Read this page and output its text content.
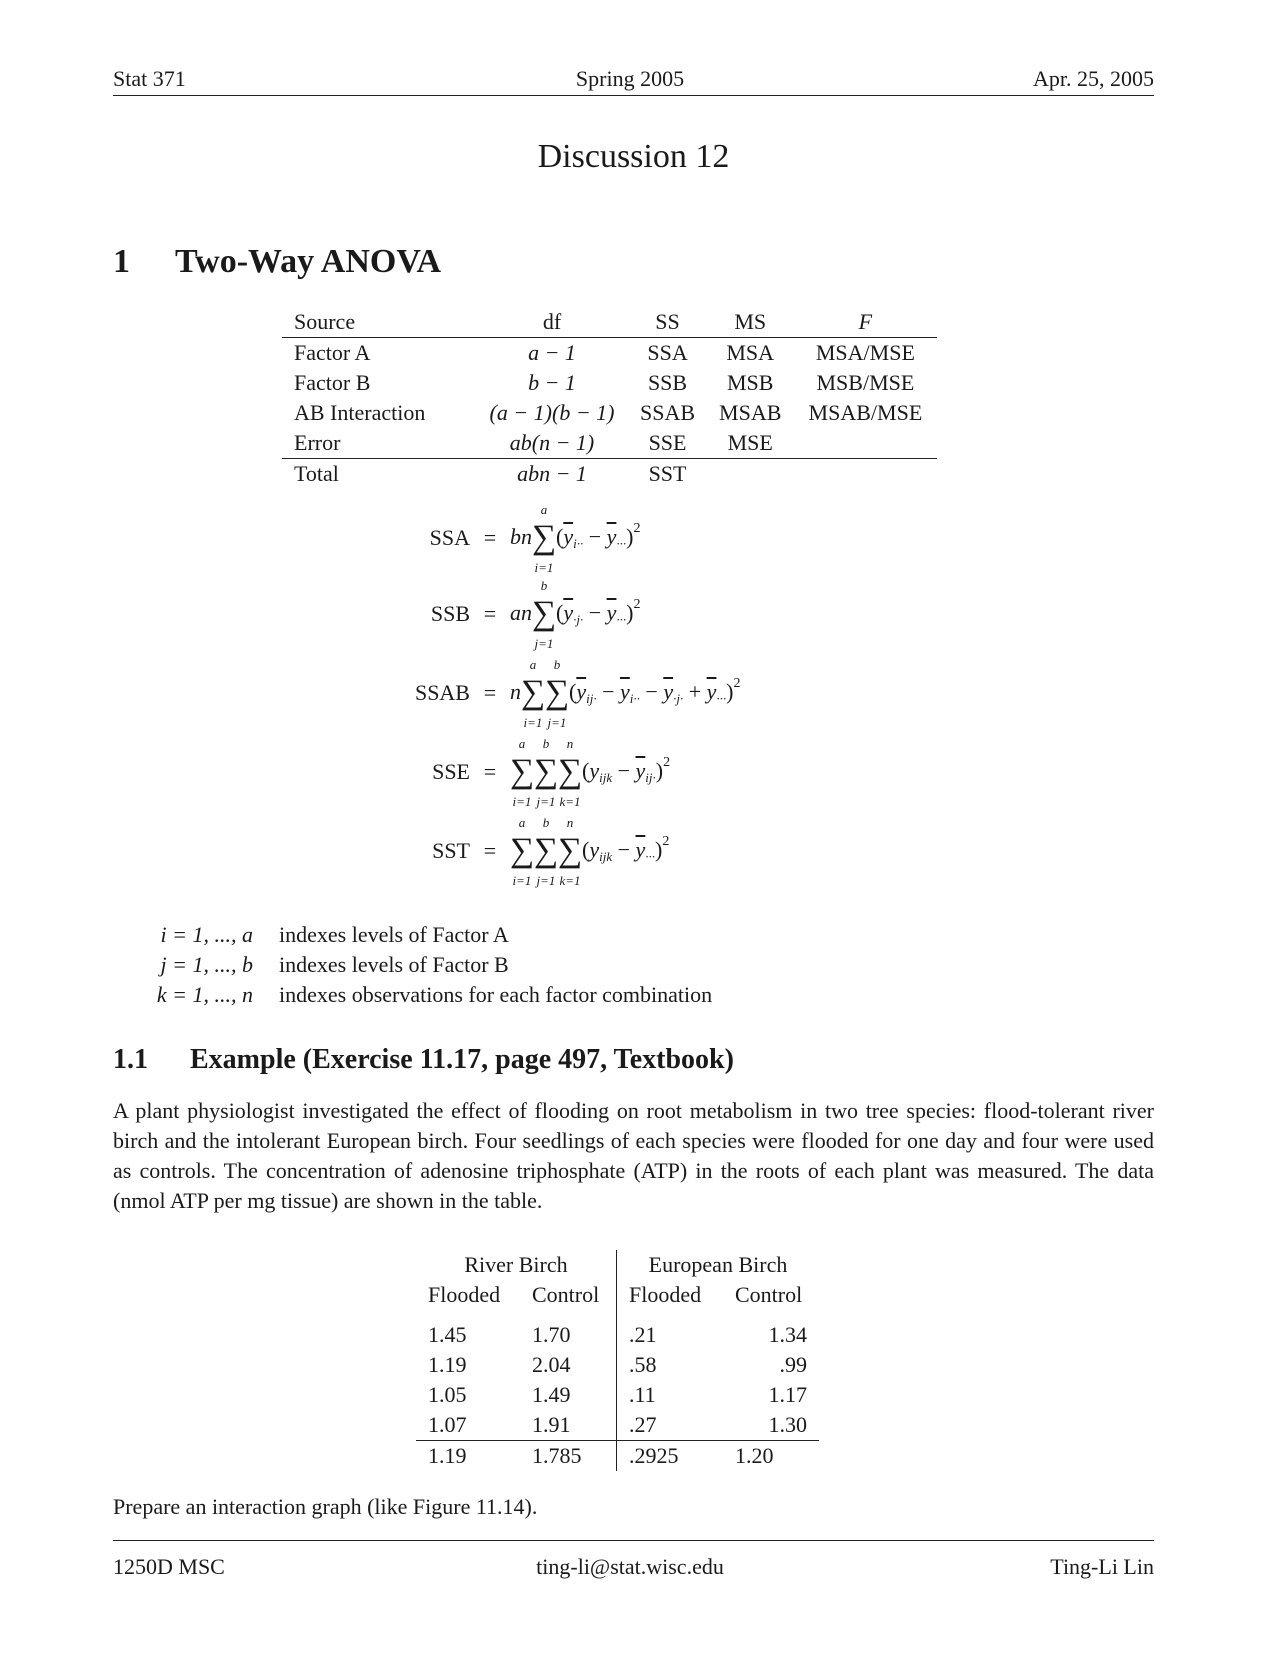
Stat 371	Spring 2005	Apr. 25, 2005
Discussion 12
1 Two-Way ANOVA
Source	df	SS	MS	F
Factor A	a − 1	SSA	MSA	MSA/MSE
Factor B	b − 1	SSB	MSB	MSB/MSE
AB Interaction	(a − 1)(b − 1)	SSAB	MSAB	MSAB/MSE
Error	ab(n − 1)	SSE	MSE	
Total	abn − 1	SST		
SSA = bn∑
a
i=1
$(\overline{y}_{i\cdot\cdot} - \overline{y}_{\cdot\cdot\cdot})^2$
SSB = an∑
b
j=1
$(\overline{y}_{\cdot j\cdot} - \overline{y}_{\cdot\cdot\cdot})^2$
SSAB = n∑
a
i=1
∑
b
j=1
$(\overline{y}_{ij\cdot} - \overline{y}_{i\cdot\cdot} - \overline{y}_{\cdot j\cdot} + \overline{y}_{\cdot\cdot\cdot})^2$
SSE = ∑
a
i=1
∑
b
j=1
∑
n
k=1
$(y_{ijk} - \overline{y}_{ij\cdot})^2$
SST = ∑
a
i=1
∑
b
j=1
∑
n
k=1
$(y_{ijk} - \overline{y}_{\cdot\cdot\cdot})^2$
i = 1, ..., a	indexes levels of Factor A
j = 1, ..., b	indexes levels of Factor B
k = 1, ..., n	indexes observations for each factor combination
1.1 Example (Exercise 11.17, page 497, Textbook)
A plant physiologist investigated the effect of flooding on root metabolism in two tree species: flood-tolerant river birch and the intolerant European birch. Four seedlings of each species were flooded for one day and four were used as controls. The concentration of adenosine triphosphate (ATP) in the roots of each plant was measured. The data (nmol ATP per mg tissue) are shown in the table.
River Birch		European Birch	
Flooded	Control	Flooded	Control

1.45	1.70	.21	1.34
1.19	2.04	.58	.99
1.05	1.49	.11	1.17
1.07	1.91	.27	1.30
1.19	1.785	.2925	1.20
Prepare an interaction graph (like Figure 11.14).
1250D MSC	ting-li@stat.wisc.edu	Ting-Li Lin
